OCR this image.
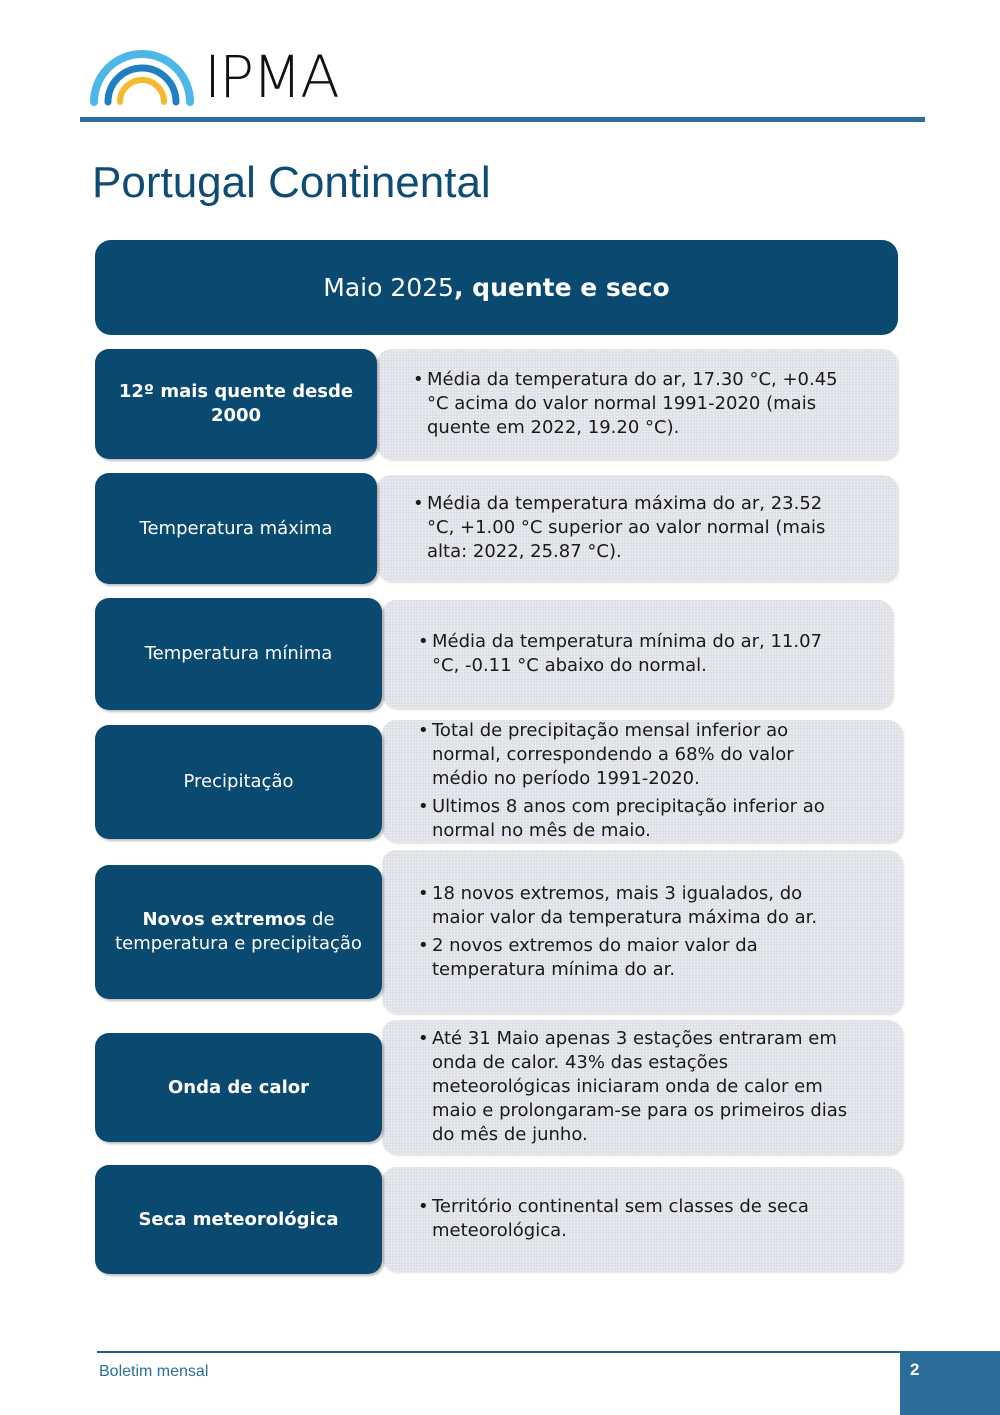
IPMA
Portugal Continental
Maio 2025 , quente e seco
12º mais quente desde 2000
• Média da temperatura do ar, 17.30 °C, +0.45 °C acima do valor normal 1991-2020 (mais quente em 2022, 19.20 °C).
Temperatura máxima
• Média da temperatura máxima do ar, 23.52 °C, +1.00 °C superior ao valor normal (mais alta: 2022, 25.87 °C).
Temperatura mínima
• Média da temperatura mínima do ar, 11.07 °C, -0.11 °C abaixo do normal.
Precipitação
• Total de precipitação mensal inferior ao normal, correspondendo a 68% do valor médio no período 1991-2020.
• Ultimos 8 anos com precipitação inferior ao normal no mês de maio.
Novos extremos de temperatura e precipitação
• 18 novos extremos, mais 3 igualados, do maior valor da temperatura máxima do ar.
• 2 novos extremos do maior valor da temperatura mínima do ar.
Onda de calor
• Até 31 Maio apenas 3 estações entraram em onda de calor. 43% das estações meteorológicas iniciaram onda de calor em maio e prolongaram-se para os primeiros dias do mês de junho.
Seca meteorológica
• Território continental sem classes de seca meteorológica.
Boletim mensal	2
